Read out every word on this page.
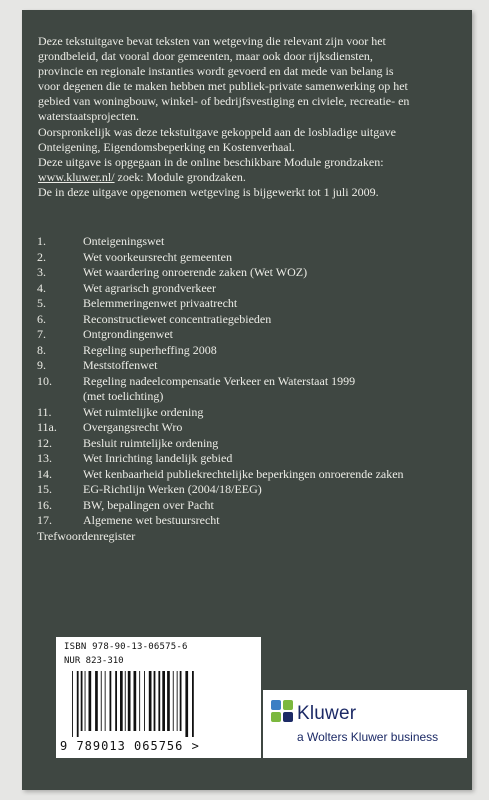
Deze tekstuitgave bevat teksten van wetgeving die relevant zijn voor het

grondbeleid, dat vooral door gemeenten, maar ook door rijksdiensten,

provincie en regionale instanties wordt gevoerd en dat mede van belang is

voor degenen die te maken hebben met publiek-private samenwerking op het

gebied van woningbouw, winkel- of bedrijfsvestiging en civiele, recreatie- en

waterstaatsprojecten.

Oorspronkelijk was deze tekstuitgave gekoppeld aan de losbladige uitgave

Onteigening, Eigendomsbeperking en Kostenverhaal.

Deze uitgave is opgegaan in de online beschikbare Module grondzaken:

www.kluwer.nl/ zoek: Module grondzaken.

De in deze uitgave opgenomen wetgeving is bijgewerkt tot 1 juli 2009.

1.	Onteigeningswet
2.	Wet voorkeursrecht gemeenten
3.	Wet waardering onroerende zaken (Wet WOZ)
4.	Wet agrarisch grondverkeer
5.	Belemmeringenwet privaatrecht
6.	Reconstructiewet concentratiegebieden
7.	Ontgrondingenwet
8.	Regeling superheffing 2008
9.	Meststoffenwet
10.	Regeling nadeelcompensatie Verkeer en Waterstaat 1999
(met toelichting)
11.	Wet ruimtelijke ordening
11a.	Overgangsrecht Wro
12.	Besluit ruimtelijke ordening
13.	Wet Inrichting landelijk gebied
14.	Wet kenbaarheid publiekrechtelijke beperkingen onroerende zaken
15.	EG-Richtlijn Werken (2004/18/EEG)
16.	BW, bepalingen over Pacht
17.	Algemene wet bestuursrecht
Trefwoordenregister
ISBN 978-90-13-06575-6
NUR 823-310
9 789013 065756 >
Kluwer
a Wolters Kluwer business
